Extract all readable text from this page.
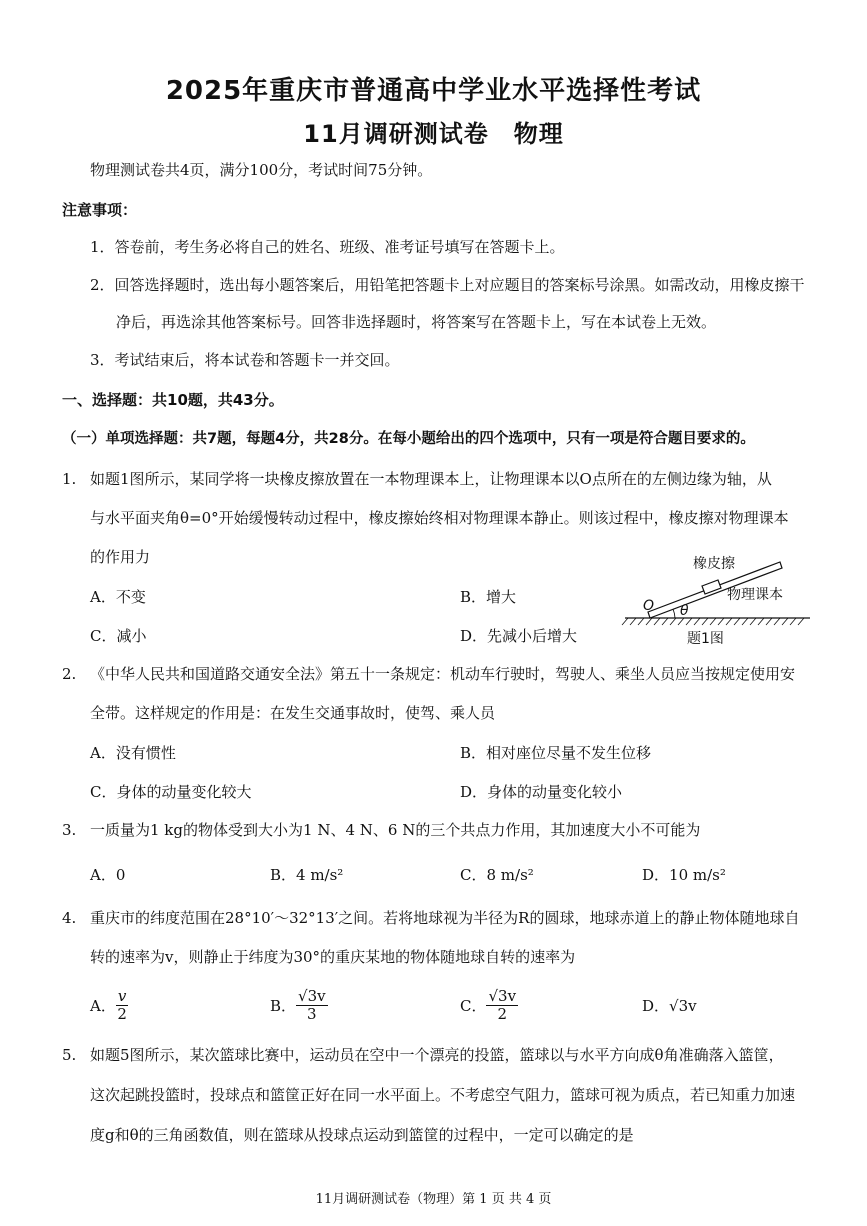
2025年重庆市普通高中学业水平选择性考试
11月调研测试卷　物理
物理测试卷共4页，满分100分，考试时间75分钟。
注意事项：
1．答卷前，考生务必将自己的姓名、班级、准考证号填写在答题卡上。
2．回答选择题时，选出每小题答案后，用铅笔把答题卡上对应题目的答案标号涂黑。如需改动，用橡皮擦干
净后，再选涂其他答案标号。回答非选择题时，将答案写在答题卡上，写在本试卷上无效。
3．考试结束后，将本试卷和答题卡一并交回。
一、选择题：共10题，共43分。
（一）单项选择题：共7题，每题4分，共28分。在每小题给出的四个选项中，只有一项是符合题目要求的。
1. 如题1图所示，某同学将一块橡皮擦放置在一本物理课本上，让物理课本以O点所在的左侧边缘为轴，从
与水平面夹角θ=0°开始缓慢转动过程中，橡皮擦始终相对物理课本静止。则该过程中，橡皮擦对物理课本
的作用力
A．不变	B．增大
C．减小	D．先减小后增大
橡皮擦
物理课本
O θ
题1图
2. 《中华人民共和国道路交通安全法》第五十一条规定：机动车行驶时，驾驶人、乘坐人员应当按规定使用安
全带。这样规定的作用是：在发生交通事故时，使驾、乘人员
A．没有惯性	B．相对座位尽量不发生位移
C．身体的动量变化较大	D．身体的动量变化较小
3. 一质量为1 kg的物体受到大小为1 N、4 N、6 N的三个共点力作用，其加速度大小不可能为
A．0	B．4 m/s²	C．8 m/s²	D．10 m/s²
4. 重庆市的纬度范围在28°10′～32°13′之间。若将地球视为半径为R的圆球，地球赤道上的静止物体随地球自
转的速率为v，则静止于纬度为30°的重庆某地的物体随地球自转的速率为
A． $\frac{v}{2}$	B． $\frac{√3v}{3}$	C． $\frac{√3v}{2}$	D．√3v
5. 如题5图所示，某次篮球比赛中，运动员在空中一个漂亮的投篮，篮球以与水平方向成θ角准确落入篮筐，
这次起跳投篮时，投球点和篮筐正好在同一水平面上。不考虑空气阻力，篮球可视为质点，若已知重力加速
度g和θ的三角函数值，则在篮球从投球点运动到篮筐的过程中，一定可以确定的是
11月调研测试卷（物理）第 1 页 共 4 页
